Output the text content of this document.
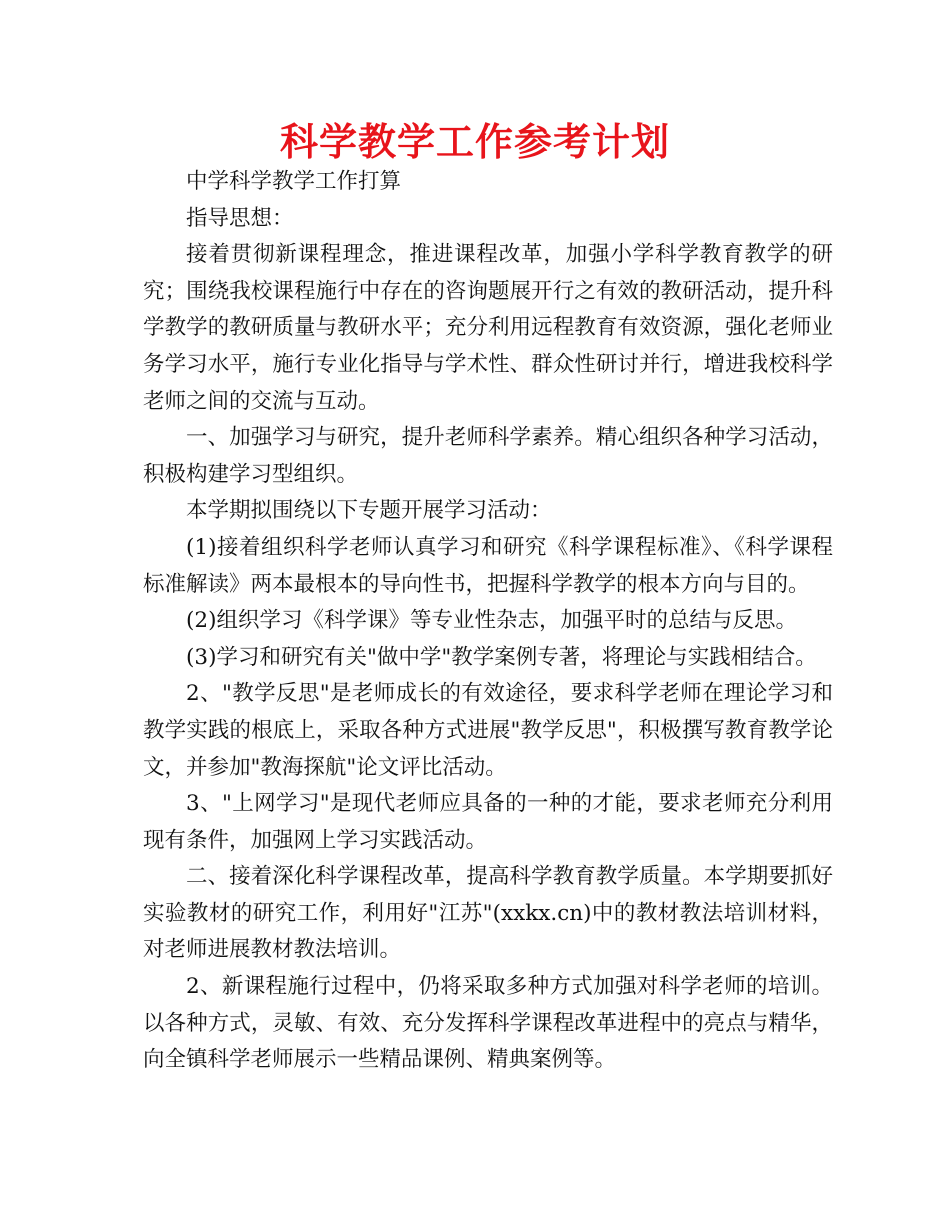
科学教学工作参考计划

中学科学教学工作打算

指导思想：

接着贯彻新课程理念，推进课程改革，加强小学科学教育教学的研究；围绕我校课程施行中存在的咨询题展开行之有效的教研活动，提升科学教学的教研质量与教研水平；充分利用远程教育有效资源，强化老师业务学习水平，施行专业化指导与学术性、群众性研讨并行，增进我校科学老师之间的交流与互动。

一、加强学习与研究，提升老师科学素养。精心组织各种学习活动，积极构建学习型组织。

本学期拟围绕以下专题开展学习活动：

(1)接着组织科学老师认真学习和研究《科学课程标准》、《科学课程标准解读》两本最根本的导向性书，把握科学教学的根本方向与目的。

(2)组织学习《科学课》等专业性杂志，加强平时的总结与反思。

(3)学习和研究有关"做中学"教学案例专著，将理论与实践相结合。

2、"教学反思"是老师成长的有效途径，要求科学老师在理论学习和教学实践的根底上，采取各种方式进展"教学反思"，积极撰写教育教学论文，并参加"教海探航"论文评比活动。

3、"上网学习"是现代老师应具备的一种的才能，要求老师充分利用现有条件，加强网上学习实践活动。

二、接着深化科学课程改革，提高科学教育教学质量。本学期要抓好实验教材的研究工作，利用好"江苏"(xxkx.cn)中的教材教法培训材料，对老师进展教材教法培训。

2、新课程施行过程中，仍将采取多种方式加强对科学老师的培训。以各种方式，灵敏、有效、充分发挥科学课程改革进程中的亮点与精华，向全镇科学老师展示一些精品课例、精典案例等。
